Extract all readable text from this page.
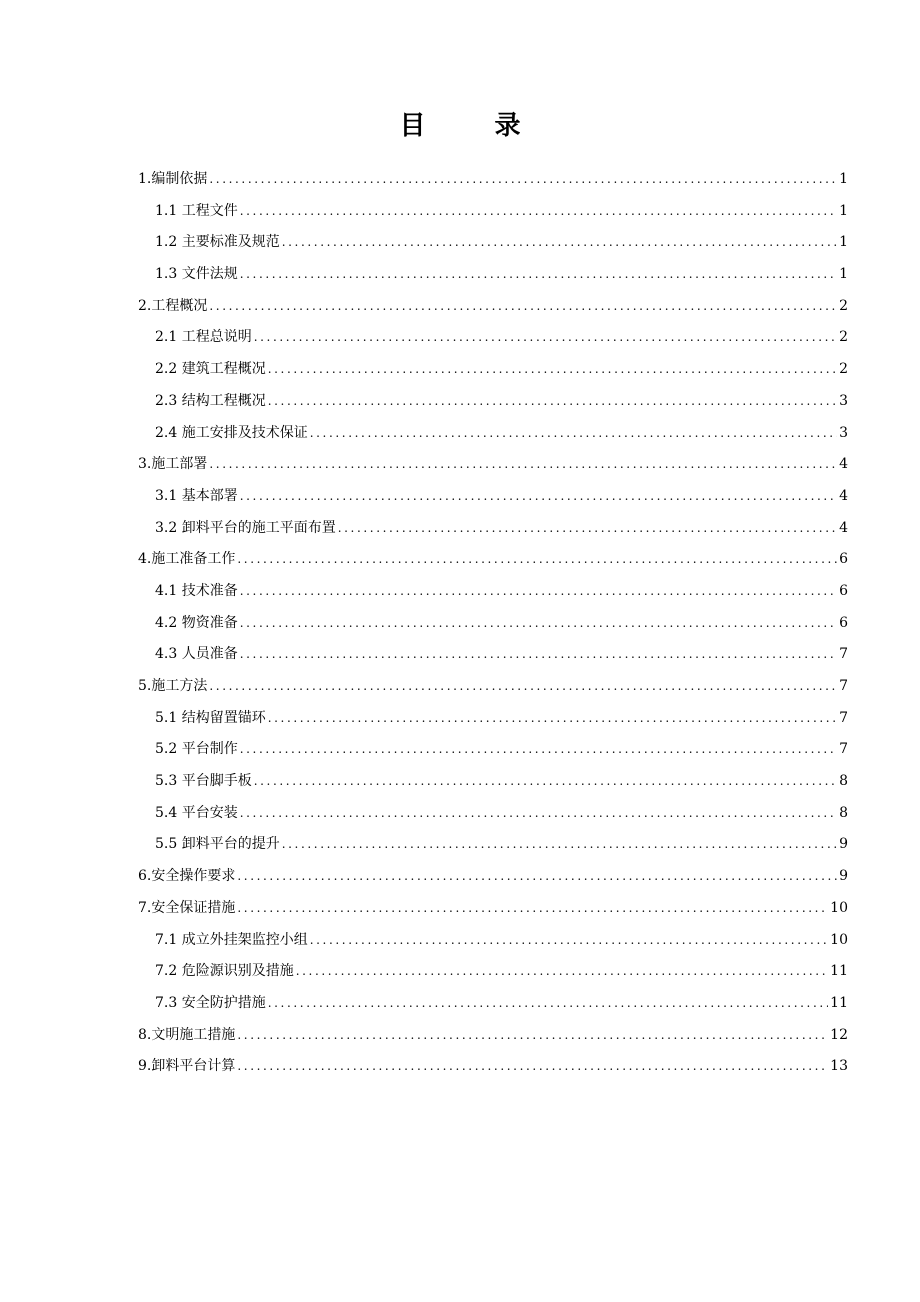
目 录
1.编制依据 .....	1
1.1 工程文件 .....	1
1.2 主要标准及规范 .....	1
1.3 文件法规 .....	1
2.工程概况 .....	2
2.1 工程总说明 .....	2
2.2 建筑工程概况 .....	2
2.3 结构工程概况 .....	3
2.4 施工安排及技术保证 .....	3
3.施工部署 .....	4
3.1 基本部署 .....	4
3.2 卸料平台的施工平面布置 .....	4
4.施工准备工作 .....	6
4.1 技术准备 .....	6
4.2 物资准备 .....	6
4.3 人员准备 .....	7
5.施工方法 .....	7
5.1 结构留置锚环 .....	7
5.2 平台制作 .....	7
5.3 平台脚手板 .....	8
5.4 平台安装 .....	8
5.5 卸料平台的提升 .....	9
6.安全操作要求 .....	9
7.安全保证措施 .....	10
7.1 成立外挂架监控小组 .....	10
7.2 危险源识别及措施 .....	11
7.3 安全防护措施 .....	11
8.文明施工措施 .....	12
9.卸料平台计算 .....	13
